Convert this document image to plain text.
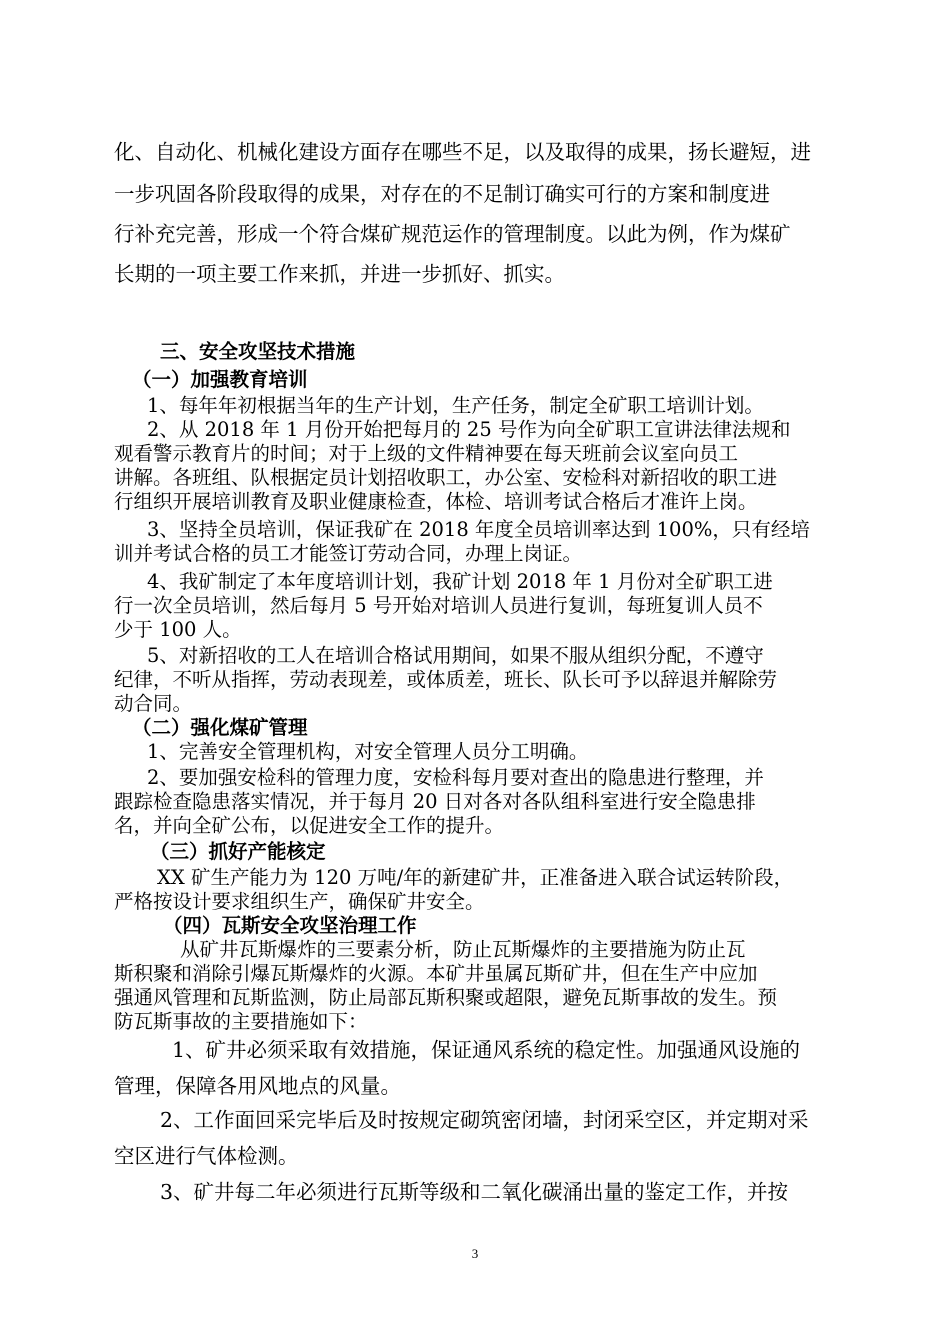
化、自动化、机械化建设方面存在哪些不足，以及取得的成果，扬长避短，进
一步巩固各阶段取得的成果，对存在的不足制订确实可行的方案和制度进
行补充完善，形成一个符合煤矿规范运作的管理制度。以此为例，作为煤矿
长期的一项主要工作来抓，并进一步抓好、抓实。
三、安全攻坚技术措施
（一）加强教育培训
1、每年年初根据当年的生产计划，生产任务，制定全矿职工培训计划。
2、从 2018 年 1 月份开始把每月的 25 号作为向全矿职工宣讲法律法规和
观看警示教育片的时间；对于上级的文件精神要在每天班前会议室向员工
讲解。各班组、队根据定员计划招收职工，办公室、安检科对新招收的职工进
行组织开展培训教育及职业健康检查，体检、培训考试合格后才准许上岗。
3、坚持全员培训，保证我矿在 2018 年度全员培训率达到 100%，只有经培
训并考试合格的员工才能签订劳动合同，办理上岗证。
4、我矿制定了本年度培训计划，我矿计划 2018 年 1 月份对全矿职工进
行一次全员培训，然后每月 5 号开始对培训人员进行复训，每班复训人员不
少于 100 人。
5、对新招收的工人在培训合格试用期间，如果不服从组织分配，不遵守
纪律，不听从指挥，劳动表现差，或体质差，班长、队长可予以辞退并解除劳
动合同。
（二）强化煤矿管理
1、完善安全管理机构，对安全管理人员分工明确。
2、要加强安检科的管理力度，安检科每月要对查出的隐患进行整理，并
跟踪检查隐患落实情况，并于每月 20 日对各对各队组科室进行安全隐患排
名，并向全矿公布，以促进安全工作的提升。
（三）抓好产能核定
XX 矿生产能力为 120 万吨/年的新建矿井，正准备进入联合试运转阶段，
严格按设计要求组织生产，确保矿井安全。
（四）瓦斯安全攻坚治理工作
从矿井瓦斯爆炸的三要素分析，防止瓦斯爆炸的主要措施为防止瓦
斯积聚和消除引爆瓦斯爆炸的火源。本矿井虽属瓦斯矿井，但在生产中应加
强通风管理和瓦斯监测，防止局部瓦斯积聚或超限，避免瓦斯事故的发生。预
防瓦斯事故的主要措施如下：
1、矿井必须采取有效措施，保证通风系统的稳定性。加强通风设施的
管理，保障各用风地点的风量。
2、工作面回采完毕后及时按规定砌筑密闭墙，封闭采空区，并定期对采
空区进行气体检测。
3、矿井每二年必须进行瓦斯等级和二氧化碳涌出量的鉴定工作，并按
3
